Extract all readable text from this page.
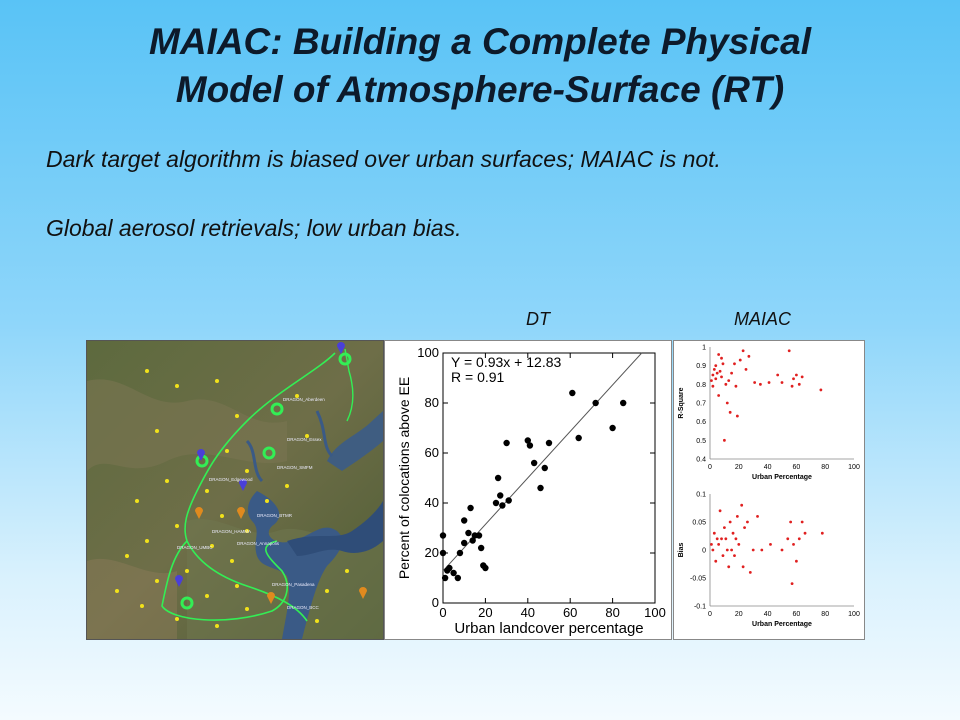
MAIAC: Building a Complete Physical
Model of Atmosphere-Surface (RT)
Dark target algorithm is biased over urban surfaces; MAIAC is not.
Global aerosol retrievals; low urban bias.
DT	MAIAC
DRAGON_Aberdeen
DRAGON_Essex
DRAGON_SMFM
DRAGON_Edgewood
DRAGON_BTMR
DRAGON_HAMMA
DRAGON_Annapolis
DRAGON_Pasadena
DRAGON_UMBC
DRAGON_BCC	0 20 40 60 80 100
0
20
40
60
80
100
Y = 0.93x + 12.83
R = 0.91
Urban landcover percentage
Percent of colocations above EE	0	20	40	60	80	100
0.4
0.5
0.6
0.7
0.8
0.9
1
Urban Percentage
R-Square
0	20	40	60	80	100
-0.1
-0.05
0
0.05
0.1
Urban Percentage
Bias
